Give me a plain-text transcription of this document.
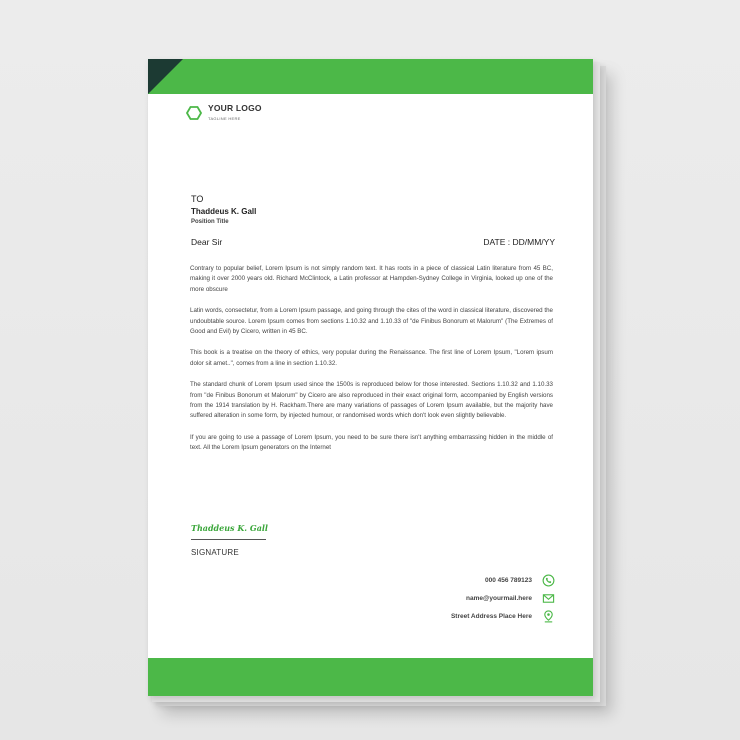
YOUR LOGO
TAGLINE HERE
TO
Thaddeus K. Gall
Position Title
Dear Sir	DATE : DD/MM/YY

Contrary to popular belief, Lorem Ipsum is not simply random text. It has roots in a piece of classical Latin literature from 45 BC, making it over 2000 years old. Richard McClintock, a Latin professor at Hampden-Sydney College in Virginia, looked up one of the more obscure

Latin words, consectetur, from a Lorem Ipsum passage, and going through the cites of the word in classical literature, discovered the undoubtable source. Lorem Ipsum comes from sections 1.10.32 and 1.10.33 of "de Finibus Bonorum et Malorum" (The Extremes of Good and Evil) by Cicero, written in 45 BC.

This book is a treatise on the theory of ethics, very popular during the Renaissance. The first line of Lorem Ipsum, "Lorem ipsum dolor sit amet..", comes from a line in section 1.10.32.

The standard chunk of Lorem Ipsum used since the 1500s is reproduced below for those interested. Sections 1.10.32 and 1.10.33 from "de Finibus Bonorum et Malorum" by Cicero are also reproduced in their exact original form, accompanied by English versions from the 1914 translation by H. Rackham.There are many variations of passages of Lorem Ipsum available, but the majority have suffered alteration in some form, by injected humour, or randomised words which don't look even slightly believable.

If you are going to use a passage of Lorem Ipsum, you need to be sure there isn't anything embarrassing hidden in the middle of text. All the Lorem Ipsum generators on the Internet

Thaddeus K. Gall
SIGNATURE
000 456 789123
name@yourmail.here
Street Address Place Here
